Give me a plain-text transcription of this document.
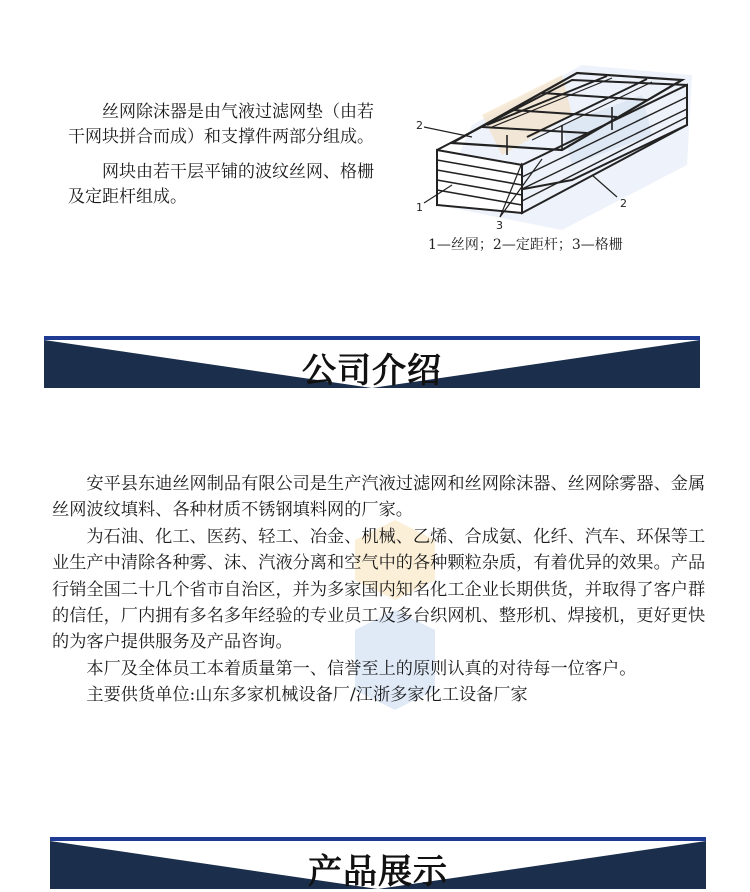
丝网除沫器是由气液过滤网垫（由若干网块拼合而成）和支撑件两部分组成。

网块由若干层平铺的波纹丝网、格栅及定距杆组成。

2
1
3
2
1—丝网；2—定距杆；3—格栅
公司介绍

安平县东迪丝网制品有限公司是生产汽液过滤网和丝网除沫器、丝网除雾器、金属丝网波纹填料、各种材质不锈钢填料网的厂家。

为石油、化工、医药、轻工、冶金、机械、乙烯、合成氨、化纤、汽车、环保等工业生产中清除各种雾、沫、汽液分离和空气中的各种颗粒杂质，有着优异的效果。产品行销全国二十几个省市自治区，并为多家国内知名化工企业长期供货，并取得了客户群的信任，厂内拥有多名多年经验的专业员工及多台织网机、整形机、焊接机，更好更快的为客户提供服务及产品咨询。

本厂及全体员工本着质量第一、信誉至上的原则认真的对待每一位客户。

主要供货单位:山东多家机械设备厂/江浙多家化工设备厂家

产品展示
